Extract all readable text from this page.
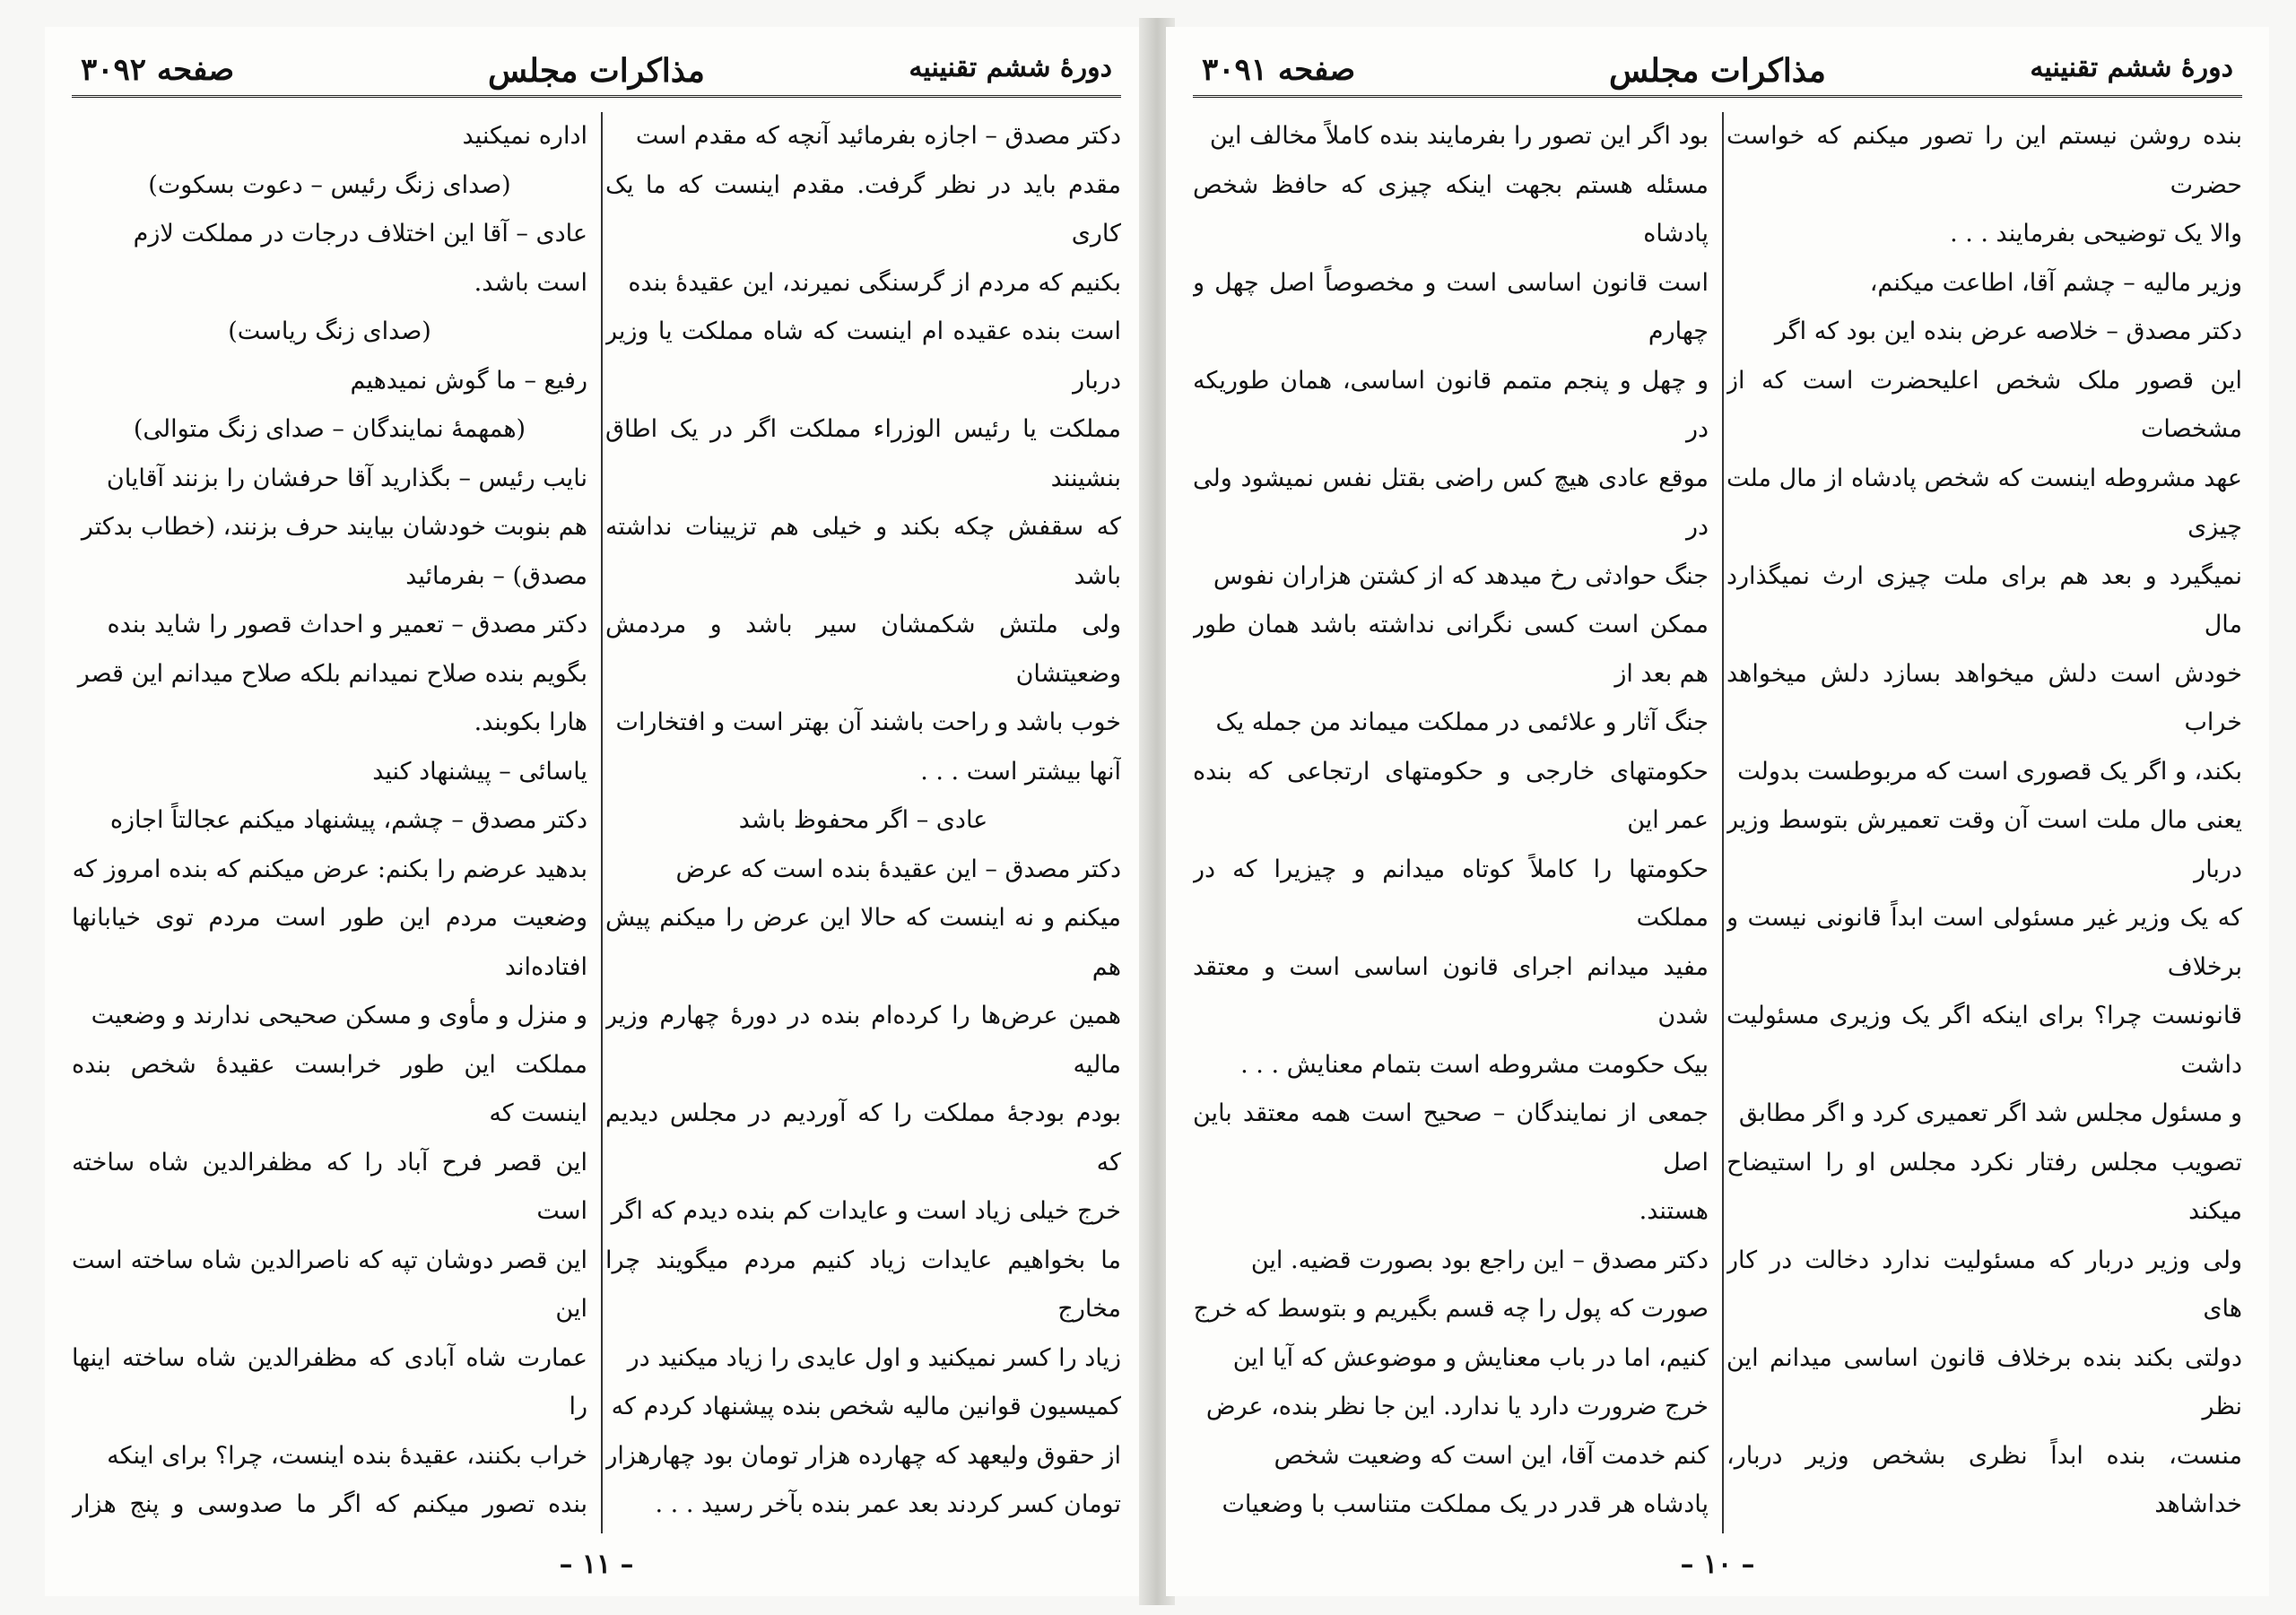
دورهٔ ششم تقنینیه
مذاکرات مجلس
صفحه ۳۰۹۲

دکتر مصدق – اجازه بفرمائید آنچه که مقدم است

مقدم باید در نظر گرفت. مقدم اینست که ما یک کاری

بکنیم که مردم از گرسنگی نمیرند، این عقیدهٔ بنده

است بنده عقیده ام اینست که شاه مملکت یا وزیر دربار

مملکت یا رئیس الوزراء مملکت اگر در یک اطاق بنشینند

که سقفش چکه بکند و خیلی هم تزیینات نداشته باشد

ولی ملتش شکمشان سیر باشد و مردمش وضعیتشان

خوب باشد و راحت باشند آن بهتر است و افتخارات

آنها بیشتر است . . .

عادی – اگر محفوظ باشد

دکتر مصدق – این عقیدهٔ بنده است که عرض

میکنم و نه اینست که حالا این عرض را میکنم پیش هم

همین عرض‌ها را کرده‌ام بنده در دورهٔ چهارم وزیر مالیه

بودم بودجهٔ مملکت را که آوردیم در مجلس دیدیم که

خرج خیلی زیاد است و عایدات کم بنده دیدم که اگر

ما بخواهیم عایدات زیاد کنیم مردم میگویند چرا مخارج

زیاد را کسر نمیکنید و اول عایدی را زیاد میکنید در

کمیسیون قوانین مالیه شخص بنده پیشنهاد کردم که

از حقوق ولیعهد که چهارده هزار تومان بود چهارهزار

تومان کسر کردند بعد عمر بنده بآخر رسید . . .

اداره نمیکنید

(صدای زنگ رئیس – دعوت بسکوت)

عادی – آقا این اختلاف درجات در مملکت لازم

است باشد.

(صدای زنگ ریاست)

رفیع – ما گوش نمیدهیم

(همهمهٔ نمایندگان – صدای زنگ متوالی)

نایب رئیس – بگذارید آقا حرفشان را بزنند آقایان

هم بنوبت خودشان بیایند حرف بزنند، (خطاب بدکتر

مصدق) – بفرمائید

دکتر مصدق – تعمیر و احداث قصور را شاید بنده

بگویم بنده صلاح نمیدانم بلکه صلاح میدانم این قصر

هارا بکوبند.

یاسائی – پیشنهاد کنید

دکتر مصدق – چشم، پیشنهاد میکنم عجالتاً اجازه

بدهید عرضم را بکنم: عرض میکنم که بنده امروز که

وضعیت مردم این طور است مردم توی خیابانها افتاده‌اند

و منزل و مأوی و مسکن صحیحی ندارند و وضعیت

مملکت این طور خرابست عقیدهٔ شخص بنده اینست که

این قصر فرح آباد را که مظفرالدین شاه ساخته است

این قصر دوشان تپه که ناصرالدین شاه ساخته است این

عمارت شاه آبادی که مظفرالدین شاه ساخته اینها را

خراب بکنند، عقیدهٔ بنده اینست، چرا؟ برای اینکه

بنده تصور میکنم که اگر ما صدوسی و پنج هزار

– ۱۱ –
دورهٔ ششم تقنینیه
مذاکرات مجلس
صفحه ۳۰۹۱

بنده روشن نیستم این را تصور میکنم که خواست حضرت

والا یک توضیحی بفرمایند . . .

وزیر مالیه – چشم آقا، اطاعت میکنم،

دکتر مصدق – خلاصه عرض بنده این بود که اگر

این قصور ملک شخص اعلیحضرت است که از مشخصات

عهد مشروطه اینست که شخص پادشاه از مال ملت چیزی

نمیگیرد و بعد هم برای ملت چیزی ارث نمیگذارد مال

خودش است دلش میخواهد بسازد دلش میخواهد خراب

بکند، و اگر یک قصوری است که مربوطست بدولت

یعنی مال ملت است آن وقت تعمیرش بتوسط وزیر دربار

که یک وزیر غیر مسئولی است ابداً قانونی نیست و برخلاف

قانونست چرا؟ برای اینکه اگر یک وزیری مسئولیت داشت

و مسئول مجلس شد اگر تعمیری کرد و اگر مطابق

تصویب مجلس رفتار نکرد مجلس او را استیضاح میکند

ولی وزیر دربار که مسئولیت ندارد دخالت در کار های

دولتی بکند بنده برخلاف قانون اساسی میدانم این نظر

منست، بنده ابداً نظری بشخص وزیر دربار، خداشاهد

بود اگر این تصور را بفرمایند بنده کاملاً مخالف این

مسئله هستم بجهت اینکه چیزی که حافظ شخص پادشاه

است قانون اساسی است و مخصوصاً اصل چهل و چهارم

و چهل و پنجم متمم قانون اساسی، همان طوریکه در

موقع عادی هیچ کس راضی بقتل نفس نمیشود ولی در

جنگ حوادثی رخ میدهد که از کشتن هزاران نفوس

ممکن است کسی نگرانی نداشته باشد همان طور هم بعد از

جنگ آثار و علائمی در مملکت میماند من جمله یک

حکومتهای خارجی و حکومتهای ارتجاعی که بنده عمر این

حکومتها را کاملاً کوتاه میدانم و چیزیرا که در مملکت

مفید میدانم اجرای قانون اساسی است و معتقد شدن

بیک حکومت مشروطه است بتمام معنایش . . .

جمعی از نمایندگان – صحیح است همه معتقد باین اصل

هستند.

دکتر مصدق – این راجع بود بصورت قضیه. این

صورت که پول را چه قسم بگیریم و بتوسط که خرج

کنیم، اما در باب معنایش و موضوعش که آیا این

خرج ضرورت دارد یا ندارد. این جا نظر بنده، عرض

کنم خدمت آقا، این است که وضعیت شخص

پادشاه هر قدر در یک مملکت متناسب با وضعیات

– ۱۰ –
